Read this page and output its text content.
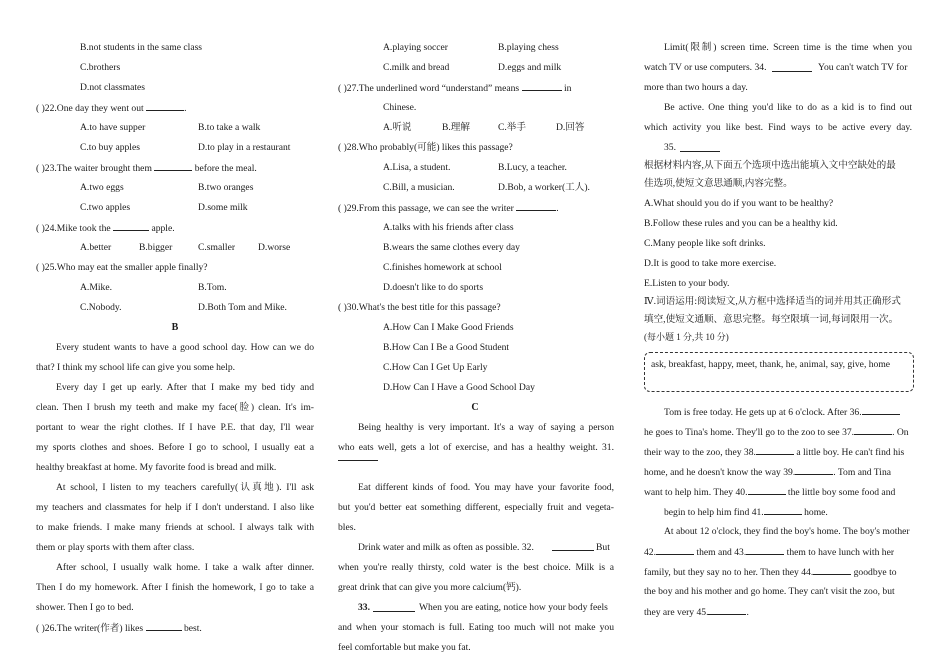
B.not students in the same class
C.brothers
D.not classmates
( )22.One day they went out	.
A.to have supper	B.to take a walk
C.to buy apples	D.to play in a restaurant
( )23.The waiter brought them	before the meal.
A.two eggs	B.two oranges
C.two apples	D.some milk
( )24.Mike took the	apple.
A.better	B.bigger	C.smaller D.worse
( )25.Who may eat the smaller apple finally?
A.Mike.	B.Tom.
C.Nobody.	D.Both Tom and Mike.
B
Every student wants to have a good school day. How can we do
that? I think my school life can give you some help.
Every day I get up early. After that I make my bed tidy and
clean. Then I brush my teeth and make my face(脸) clean. It's im-
portant to wear the right clothes. If I have P.E. that day, I'll wear
my sports clothes and shoes. Before I go to school, I usually eat a
healthy breakfast at home. My favorite food is bread and milk.
At school, I listen to my teachers carefully(认真地). I'll ask
my teachers and classmates for help if I don't understand. I also like
to make friends. I make many friends at school. I always talk with
them or play sports with them after class.
After school, I usually walk home. I take a walk after dinner.
Then I do my homework. After I finish the homework, I go to take a
shower. Then I go to bed.
( )26.The writer(作者) likes	best.
A.playing soccer	B.playing chess
C.milk and bread	D.eggs and milk
( )27.The underlined word “understand” means	in
Chinese.
A.听说	B.理解	C.举手	D.回答
( )28.Who probably(可能) likes this passage?
A.Lisa, a student.	B.Lucy, a teacher.
C.Bill, a musician.	D.Bob, a worker(工人).
( )29.From this passage, we can see the writer	.
A.talks with his friends after class
B.wears the same clothes every day
C.finishes homework at school
D.doesn't like to do sports
( )30.What's the best title for this passage?
A.How Can I Make Good Friends
B.How Can I Be a Good Student
C.How Can I Get Up Early
D.How Can I Have a Good School Day
C
Being healthy is very important. It's a way of saying a person
who eats well, gets a lot of exercise, and has a healthy weight. 31.
Eat different kinds of food. You may have your favorite food,
but you'd better eat something different, especially fruit and vegeta-
bles.
Drink water and milk as often as possible. 32.	But
when you're really thirsty, cold water is the best choice. Milk is a
great drink that can give you more calcium(钙).
33.	When you are eating, notice how your body feels
and when your stomach is full. Eating too much will not make you
feel comfortable but make you fat.
Limit(限制) screen time. Screen time is the time when you
watch TV or use computers. 34.	You can't watch TV for
more than two hours a day.
Be active. One thing you'd like to do as a kid is to find out
which activity you like best. Find ways to be active every day.
35.
根据材料内容,从下面五个选项中选出能填入文中空缺处的最
佳选项,使短文意思通顺,内容完整。
A.What should you do if you want to be healthy?
B.Follow these rules and you can be a healthy kid.
C.Many people like soft drinks.
D.It is good to take more exercise.
E.Listen to your body.
Ⅳ.词语运用:阅读短文,从方框中选择适当的词并用其正确形式
填空,使短文通顺、意思完整。每空限填一词,每词限用一次。
(每小题 1 分,共 10 分)
ask, breakfast, happy, meet, thank, he, animal, say, give, home
Tom is free today. He gets up at 6 o'clock. After 36.
he goes to Tina's home. They'll go to the zoo to see 37.	. On
their way to the zoo, they 38.	a little boy. He can't find his
home, and he doesn't know the way 39.	. Tom and Tina
want to help him. They 40.	the little boy some food and
begin to help him find 41.	home.
At about 12 o'clock, they find the boy's home. The boy's mother
42.	them and 43.	them to have lunch with her
family, but they say no to her. Then they 44.	goodbye to
the boy and his mother and go home. They can't visit the zoo, but
they are very 45.	.
